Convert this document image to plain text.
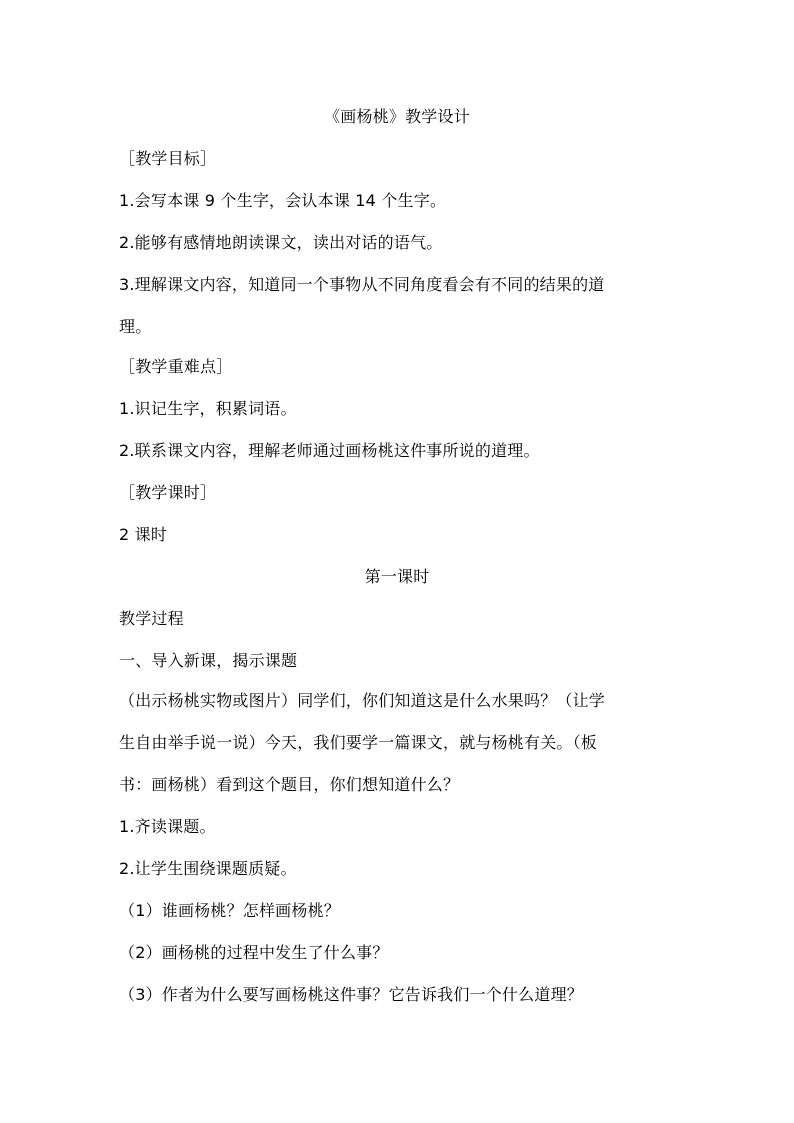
《画杨桃》教学设计
［教学目标］
1.会写本课 9 个生字，会认本课 14 个生字。
2.能够有感情地朗读课文，读出对话的语气。
3.理解课文内容，知道同一个事物从不同角度看会有不同的结果的道
理。
［教学重难点］
1.识记生字，积累词语。
2.联系课文内容，理解老师通过画杨桃这件事所说的道理。
［教学课时］
2 课时
第一课时
教学过程
一、导入新课，揭示课题
（出示杨桃实物或图片）同学们，你们知道这是什么水果吗？（让学
生自由举手说一说）今天，我们要学一篇课文，就与杨桃有关。（板
书：画杨桃）看到这个题目，你们想知道什么？
1.齐读课题。
2.让学生围绕课题质疑。
（1）谁画杨桃？怎样画杨桃？
（2）画杨桃的过程中发生了什么事？
（3）作者为什么要写画杨桃这件事？它告诉我们一个什么道理？
